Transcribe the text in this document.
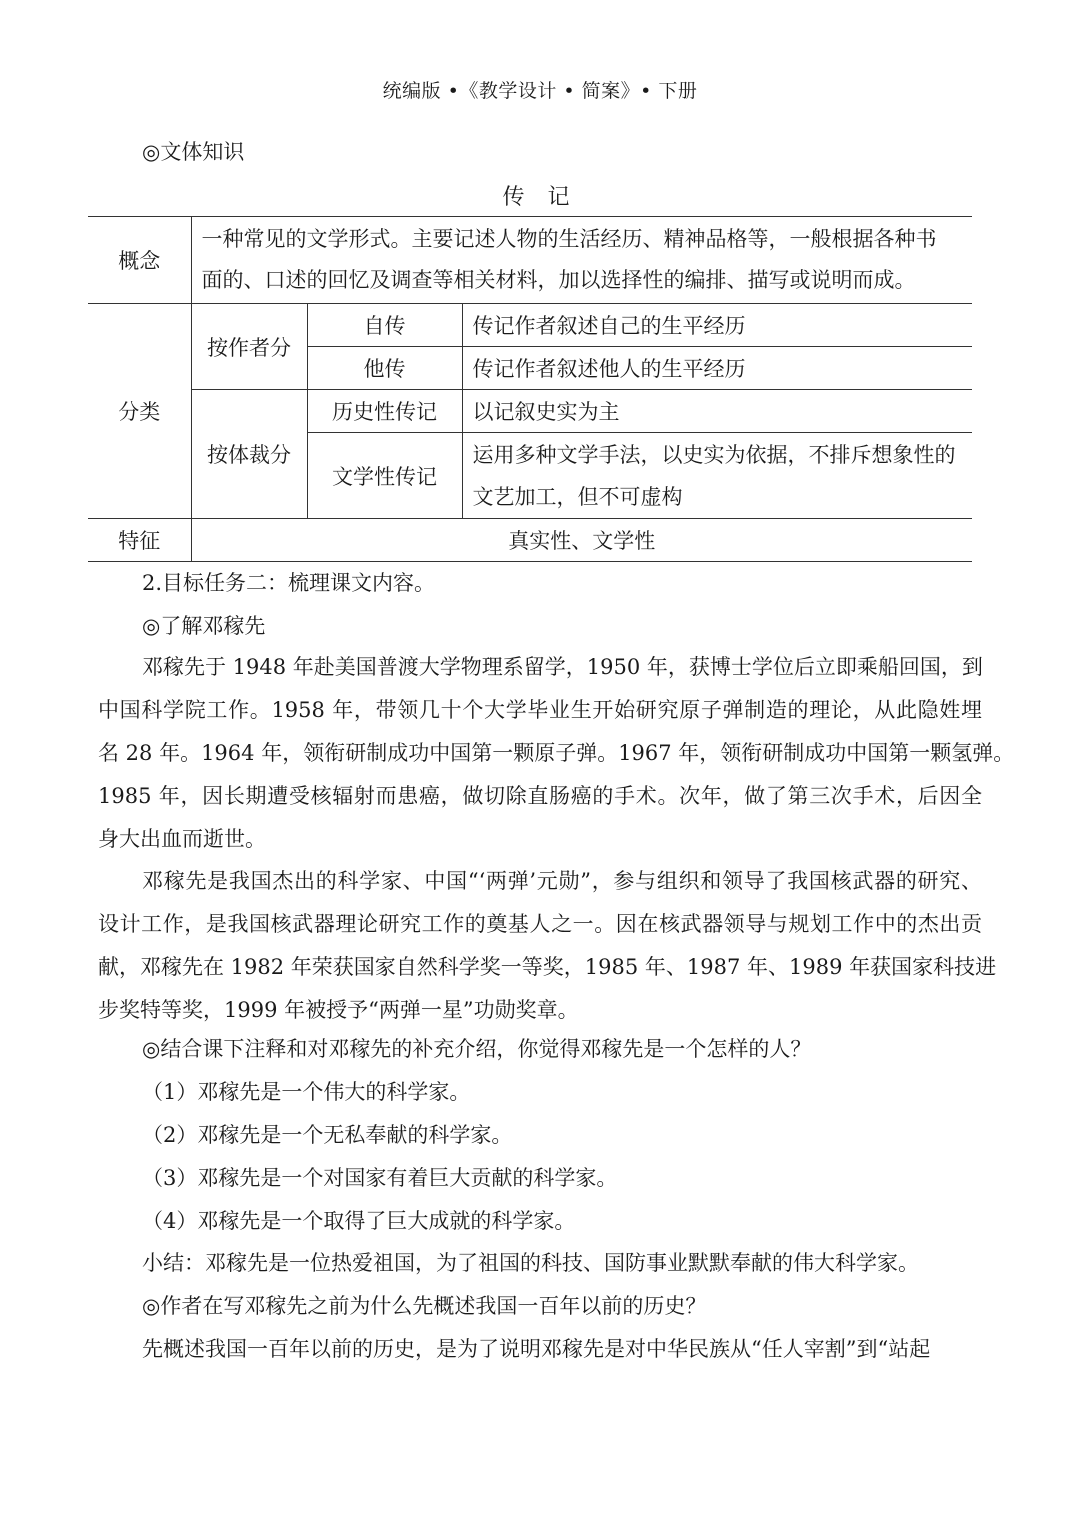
统编版 •《教学设计 • 简案》• 下册
◎文体知识
传 记
概念	一种常见的文学形式。主要记述人物的生活经历、精神品格等，一般根据各种书
面的、口述的回忆及调查等相关材料，加以选择性的编排、描写或说明而成。		

分类	按作者分	自传	传记作者叙述自己的生平经历
		他传	传记作者叙述他人的生平经历
	按体裁分	历史性传记	以记叙史实为主
		文学性传记	运用多种文学手法，以史实为依据，不排斥想象性的
文艺加工，但不可虚构

特征	真实性、文学性		
2.目标任务二：梳理课文内容。
◎了解邓稼先
邓稼先于 1948 年赴美国普渡大学物理系留学，1950 年，获博士学位后立即乘船回国，到
中国科学院工作。1958 年，带领几十个大学毕业生开始研究原子弹制造的理论，从此隐姓埋
名 28 年。1964 年，领衔研制成功中国第一颗原子弹。1967 年，领衔研制成功中国第一颗氢弹。
1985 年，因长期遭受核辐射而患癌，做切除直肠癌的手术。次年，做了第三次手术，后因全
身大出血而逝世。
邓稼先是我国杰出的科学家、中国“‘两弹’元勋”，参与组织和领导了我国核武器的研究、
设计工作，是我国核武器理论研究工作的奠基人之一。因在核武器领导与规划工作中的杰出贡
献，邓稼先在 1982 年荣获国家自然科学奖一等奖，1985 年、1987 年、1989 年获国家科技进
步奖特等奖，1999 年被授予“两弹一星”功勋奖章。
◎结合课下注释和对邓稼先的补充介绍，你觉得邓稼先是一个怎样的人？
（1）邓稼先是一个伟大的科学家。
（2）邓稼先是一个无私奉献的科学家。
（3）邓稼先是一个对国家有着巨大贡献的科学家。
（4）邓稼先是一个取得了巨大成就的科学家。
小结：邓稼先是一位热爱祖国，为了祖国的科技、国防事业默默奉献的伟大科学家。
◎作者在写邓稼先之前为什么先概述我国一百年以前的历史？
先概述我国一百年以前的历史，是为了说明邓稼先是对中华民族从“任人宰割”到“站起
